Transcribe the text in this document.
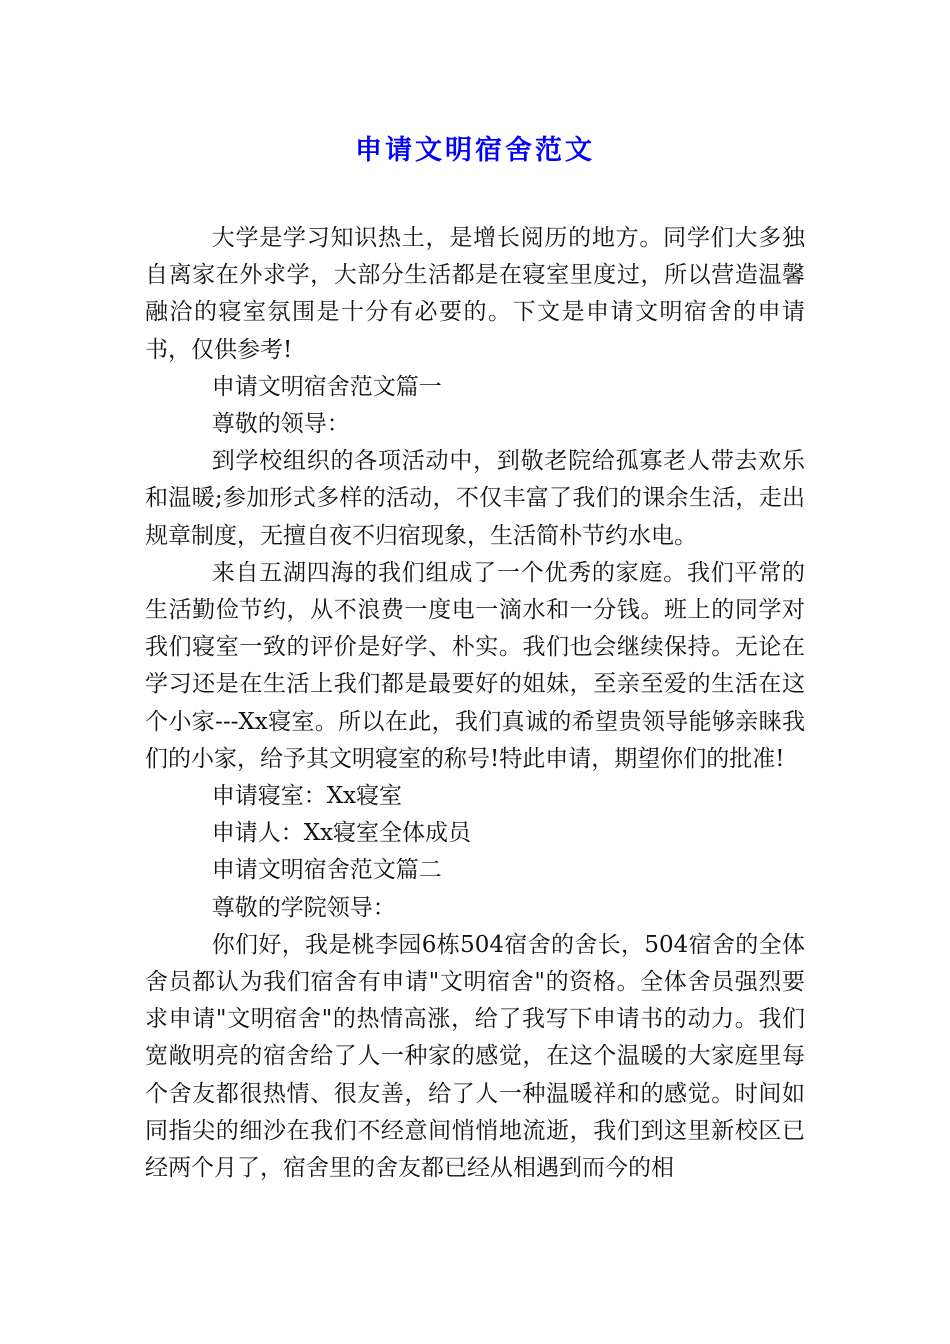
申请文明宿舍范文

大学是学习知识热土，是增长阅历的地方。同学们大多独自离家在外求学，大部分生活都是在寝室里度过，所以营造温馨融洽的寝室氛围是十分有必要的。下文是申请文明宿舍的申请书，仅供参考!

申请文明宿舍范文篇一

尊敬的领导：

到学校组织的各项活动中，到敬老院给孤寡老人带去欢乐和温暖;参加形式多样的活动，不仅丰富了我们的课余生活，走出规章制度，无擅自夜不归宿现象，生活简朴节约水电。

来自五湖四海的我们组成了一个优秀的家庭。我们平常的生活勤俭节约，从不浪费一度电一滴水和一分钱。班上的同学对我们寝室一致的评价是好学、朴实。我们也会继续保持。无论在学习还是在生活上我们都是最要好的姐妹，至亲至爱的生活在这个小家---Xx寝室。所以在此，我们真诚的希望贵领导能够亲睐我们的小家，给予其文明寝室的称号!特此申请，期望你们的批准!

申请寝室：Xx寝室

申请人：Xx寝室全体成员

申请文明宿舍范文篇二

尊敬的学院领导：

你们好，我是桃李园6栋504宿舍的舍长，504宿舍的全体舍员都认为我们宿舍有申请"文明宿舍"的资格。全体舍员强烈要求申请"文明宿舍"的热情高涨，给了我写下申请书的动力。我们宽敞明亮的宿舍给了人一种家的感觉，在这个温暖的大家庭里每个舍友都很热情、很友善，给了人一种温暖祥和的感觉。时间如同指尖的细沙在我们不经意间悄悄地流逝，我们到这里新校区已经两个月了，宿舍里的舍友都已经从相遇到而今的相
